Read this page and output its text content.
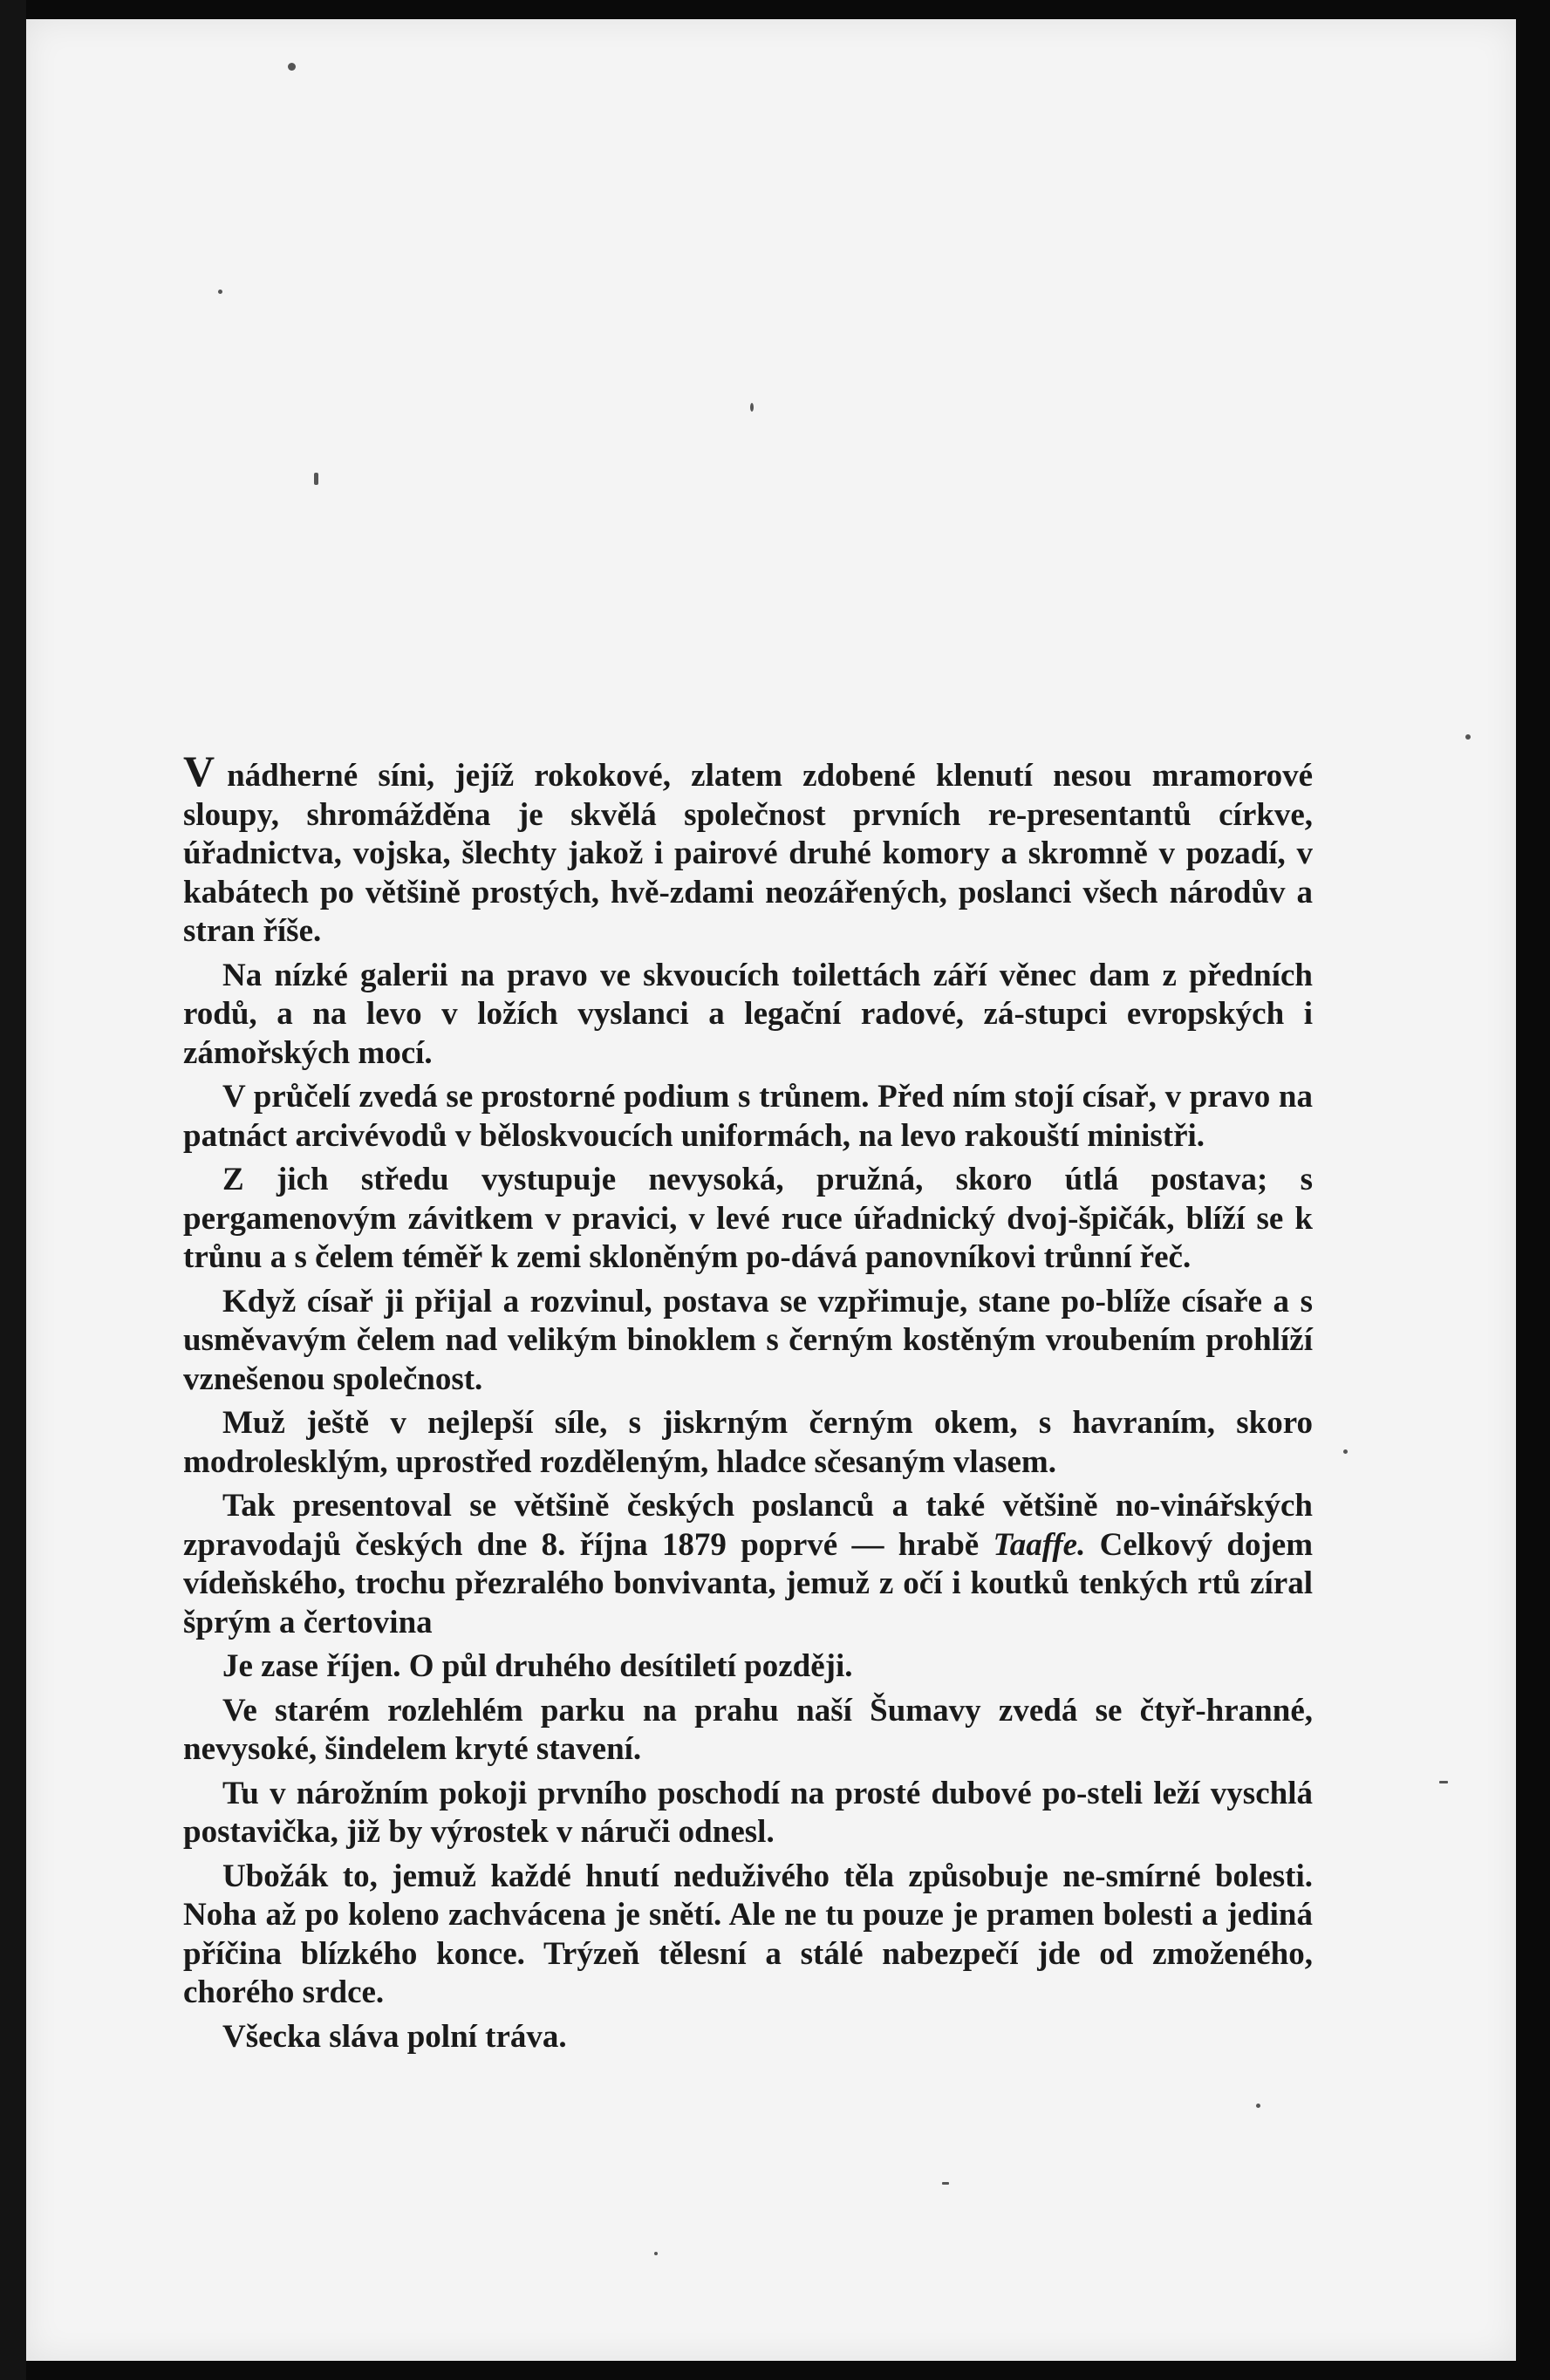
V nádherné síni, jejíž rokokové, zlatem zdobené klenutí nesou mramorové sloupy, shromážděna je skvělá společnost prvních re-presentantů církve, úřadnictva, vojska, šlechty jakož i pairové druhé komory a skromně v pozadí, v kabátech po většině prostých, hvě-zdami neozářených, poslanci všech národův a stran říše.

Na nízké galerii na pravo ve skvoucích toilettách září věnec dam z předních rodů, a na levo v ložích vyslanci a legační radové, zá-stupci evropských i zámořských mocí.

V průčelí zvedá se prostorné podium s trůnem. Před ním stojí císař, v pravo na patnáct arcivévodů v běloskvoucích uniformách, na levo rakouští ministři.

Z jich středu vystupuje nevysoká, pružná, skoro útlá postava; s pergamenovým závitkem v pravici, v levé ruce úřadnický dvoj-špičák, blíží se k trůnu a s čelem téměř k zemi skloněným po-dává panovníkovi trůnní řeč.

Když císař ji přijal a rozvinul, postava se vzpřimuje, stane po-blíže císaře a s usměvavým čelem nad velikým binoklem s černým kostěným vroubením prohlíží vznešenou společnost.

Muž ještě v nejlepší síle, s jiskrným černým okem, s havraním, skoro modrolesklým, uprostřed rozděleným, hladce sčesaným vlasem.

Tak presentoval se většině českých poslanců a také většině no-vinářských zpravodajů českých dne 8. října 1879 poprvé — hrabě Taaffe. Celkový dojem vídeňského, trochu přezralého bonvivanta, jemuž z očí i koutků tenkých rtů zíral šprým a čertovina

Je zase říjen. O půl druhého desítiletí později.

Ve starém rozlehlém parku na prahu naší Šumavy zvedá se čtyř-hranné, nevysoké, šindelem kryté stavení.

Tu v nárožním pokoji prvního poschodí na prosté dubové po-steli leží vyschlá postavička, již by výrostek v náruči odnesl.

Ubožák to, jemuž každé hnutí neduživého těla způsobuje ne-smírné bolesti. Noha až po koleno zachvácena je snětí. Ale ne tu pouze je pramen bolesti a jediná příčina blízkého konce. Trýzeň tělesní a stálé nabezpečí jde od zmoženého, chorého srdce.

Všecka sláva polní tráva.
